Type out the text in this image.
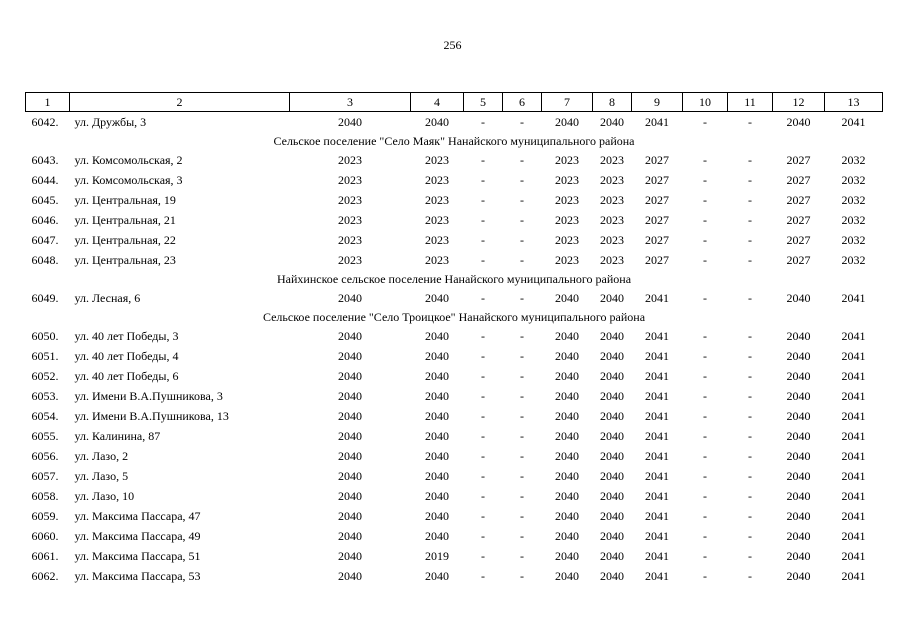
256
1	2	3	4	5	6	7	8	9	10	11	12	13
6042.	ул. Дружбы, 3	2040	2040	-	-	2040	2040	2041	-	-	2040	2041
Сельское поселение "Село Маяк" Нанайского муниципального района												
6043.	ул. Комсомольская, 2	2023	2023	-	-	2023	2023	2027	-	-	2027	2032
6044.	ул. Комсомольская, 3	2023	2023	-	-	2023	2023	2027	-	-	2027	2032
6045.	ул. Центральная, 19	2023	2023	-	-	2023	2023	2027	-	-	2027	2032
6046.	ул. Центральная, 21	2023	2023	-	-	2023	2023	2027	-	-	2027	2032
6047.	ул. Центральная, 22	2023	2023	-	-	2023	2023	2027	-	-	2027	2032
6048.	ул. Центральная, 23	2023	2023	-	-	2023	2023	2027	-	-	2027	2032
Найхинское сельское поселение Нанайского муниципального района												
6049.	ул. Лесная, 6	2040	2040	-	-	2040	2040	2041	-	-	2040	2041
Сельское поселение "Село Троицкое" Нанайского муниципального района												
6050.	ул. 40 лет Победы, 3	2040	2040	-	-	2040	2040	2041	-	-	2040	2041
6051.	ул. 40 лет Победы, 4	2040	2040	-	-	2040	2040	2041	-	-	2040	2041
6052.	ул. 40 лет Победы, 6	2040	2040	-	-	2040	2040	2041	-	-	2040	2041
6053.	ул. Имени В.А.Пушникова, 3	2040	2040	-	-	2040	2040	2041	-	-	2040	2041
6054.	ул. Имени В.А.Пушникова, 13	2040	2040	-	-	2040	2040	2041	-	-	2040	2041
6055.	ул. Калинина, 87	2040	2040	-	-	2040	2040	2041	-	-	2040	2041
6056.	ул. Лазо, 2	2040	2040	-	-	2040	2040	2041	-	-	2040	2041
6057.	ул. Лазо, 5	2040	2040	-	-	2040	2040	2041	-	-	2040	2041
6058.	ул. Лазо, 10	2040	2040	-	-	2040	2040	2041	-	-	2040	2041
6059.	ул. Максима Пассара, 47	2040	2040	-	-	2040	2040	2041	-	-	2040	2041
6060.	ул. Максима Пассара, 49	2040	2040	-	-	2040	2040	2041	-	-	2040	2041
6061.	ул. Максима Пассара, 51	2040	2019	-	-	2040	2040	2041	-	-	2040	2041
6062.	ул. Максима Пассара, 53	2040	2040	-	-	2040	2040	2041	-	-	2040	2041
